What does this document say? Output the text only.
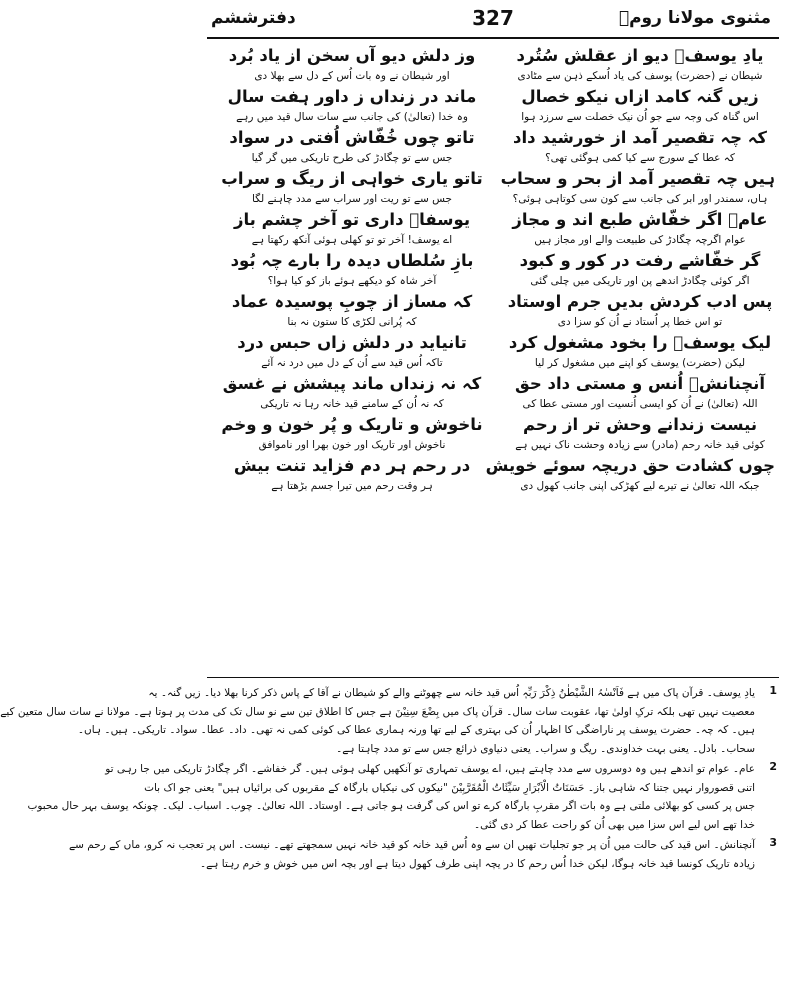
مثنوی مولانا رومؒ
327
دفترششم
یادِ یوسفؑ دیو از عقلش سُتُرد
شیطان نے (حضرت) یوسف کی یاد اُسکے ذہن سے مٹادی
زیں گنہ کامد ازاں نیکو خصال
اس گناہ کی وجہ سے جو اُن نیک خصلت سے سرزد ہوا
کہ چہ تقصیر آمد از خورشید داد
کہ عطا کے سورج سے کیا کمی ہوگئی تھی؟
ہیں چہ تقصیر آمد از بحر و سحاب
ہاں، سمندر اور ابر کی جانب سے کون سی کوتاہی ہوئی؟
عامؑ اگر خفّاش طبع اند و مجاز
عوام اگرچہ چگادڑ کی طبیعت والے اور مجاز ہیں
گر خفّاشے رفت در کور و کبود
اگر کوئی چگادڑ اندھے پن اور تاریکی میں چلی گئی
پس ادب کردش بدیں جرم اوستاد
تو اس خطا پر اُستاد نے اُن کو سزا دی
لیک یوسفؑ را بخود مشغول کرد
لیکن (حضرت) یوسف کو اپنے میں مشغول کر لیا
آنچنانشؑ اُنس و مستی داد حق
اللہ (تعالیٰ) نے اُن کو ایسی اُنسیت اور مستی عطا کی
نیست زندانے وحش تر از رحم
کوئی قید خانہ رحم (مادر) سے زیادہ وحشت ناک نہیں ہے
چوں کشادت حق دریچہ سوئے خویش
جبکہ اللہ تعالیٰ نے تیرے لیے کھڑکی اپنی جانب کھول دی
وز دلش دیو آں سخن از یاد بُرد
اور شیطان نے وہ بات اُس کے دل سے بھلا دی
ماند در زنداں ز داور ہفت سال
وہ خدا (تعالیٰ) کی جانب سے سات سال قید میں رہے
تاتو چوں خُفّاش اُفتی در سواد
جس سے تو چگادڑ کی طرح تاریکی میں گر گیا
تاتو یاری خواہی از ریگ و سراب
جس سے تو ریت اور سراب سے مدد چاہنے لگا
یوسفاؑ داری تو آخر چشم باز
اے یوسف! آخر تو تو کھلی ہوئی آنکھ رکھتا ہے
بازِ سُلطاں دیدہ را بارے چہ بُود
آخر شاہ کو دیکھے ہوئے باز کو کیا ہوا؟
کہ مساز از چوبِ پوسیدہ عماد
کہ پُرانی لکڑی کا ستون نہ بنا
تانیاید در دلش زاں حبس درد
تاکہ اُس قید سے اُن کے دل میں درد نہ آئے
کہ نہ زنداں ماند پیشش نے غسق
کہ نہ اُن کے سامنے قید خانہ رہا نہ تاریکی
ناخوش و تاریک و پُر خون و وخم
ناخوش اور تاریک اور خون بھرا اور ناموافق
در رحم ہر دم فزاید تنت بیش
ہر وقت رحم میں تیرا جسم بڑھتا ہے
1
یادِ یوسف۔ قرآن پاک میں ہے فَاَنْسٰہُ الشَّیْطٰنُ ذِکْرَ رَبِّہٖ اُس قید خانہ سے چھوٹنے والے کو شیطان نے آقا کے پاس ذکر کرنا بھلا دیا۔ زیں گنہ۔ یہ
معصیت نہیں تھی بلکہ ترکِ اولیٰ تھا، عقوبت سات سال۔ قرآن پاک میں بِضْعَ سِنِیْنَ ہے جس کا اطلاق تین سے نو سال تک کی مدت پر ہوتا ہے۔ مولانا نے سات سال متعین کیے
ہیں۔ کہ چہ۔ حضرت یوسف پر ناراضگی کا اظہار اُن کی بہتری کے لیے تھا ورنہ ہماری عطا کی کوئی کمی نہ تھی۔ داد۔ عطا۔ سواد۔ تاریکی۔ ہیں۔ ہاں۔
سحاب۔ بادل۔ یعنی بہت خداوندی۔ ریگ و سراب۔ یعنی دنیاوی ذرائع جس سے تو مدد چاہتا ہے۔
2
عام۔ عوام تو اندھے ہیں وہ دوسروں سے مدد چاہتے ہیں، اے یوسف تمہاری تو آنکھیں کھلی ہوئی ہیں۔ گر خفاشے۔ اگر چگادڑ تاریکی میں جا رہی تو
اتنی قصوروار نہیں جتنا کہ شاہی باز۔ حَسَنَاتُ الْاَبْرَارِ سَیِّئَاتُ الْمُقَرَّبِیْنَ "نیکوں کی نیکیاں بارگاہ کے مقربوں کی برائیاں ہیں" یعنی جو اک بات
جس پر کسی کو بھلائی ملتی ہے وہ بات اگر مقربِ بارگاہ کرے تو اس کی گرفت ہو جاتی ہے۔ اوستاد۔ اللہ تعالیٰ۔ چوب۔ اسباب۔ لیک۔ چونکہ یوسف بہر حال محبوب
خدا تھے اس لیے اس سزا میں بھی اُن کو راحت عطا کر دی گئی۔
3
آنچنانش۔ اس قید کی حالت میں اُن پر جو تجلیات تھیں ان سے وہ اُس قید خانہ کو قید خانہ نہیں سمجھتے تھے۔ نیست۔ اس پر تعجب نہ کرو، ماں کے رحم سے
زیادہ تاریک کونسا قید خانہ ہوگا، لیکن خدا اُس رحم کا در یچہ اپنی طرف کھول دیتا ہے اور بچہ اس میں خوش و خرم رہتا ہے۔
